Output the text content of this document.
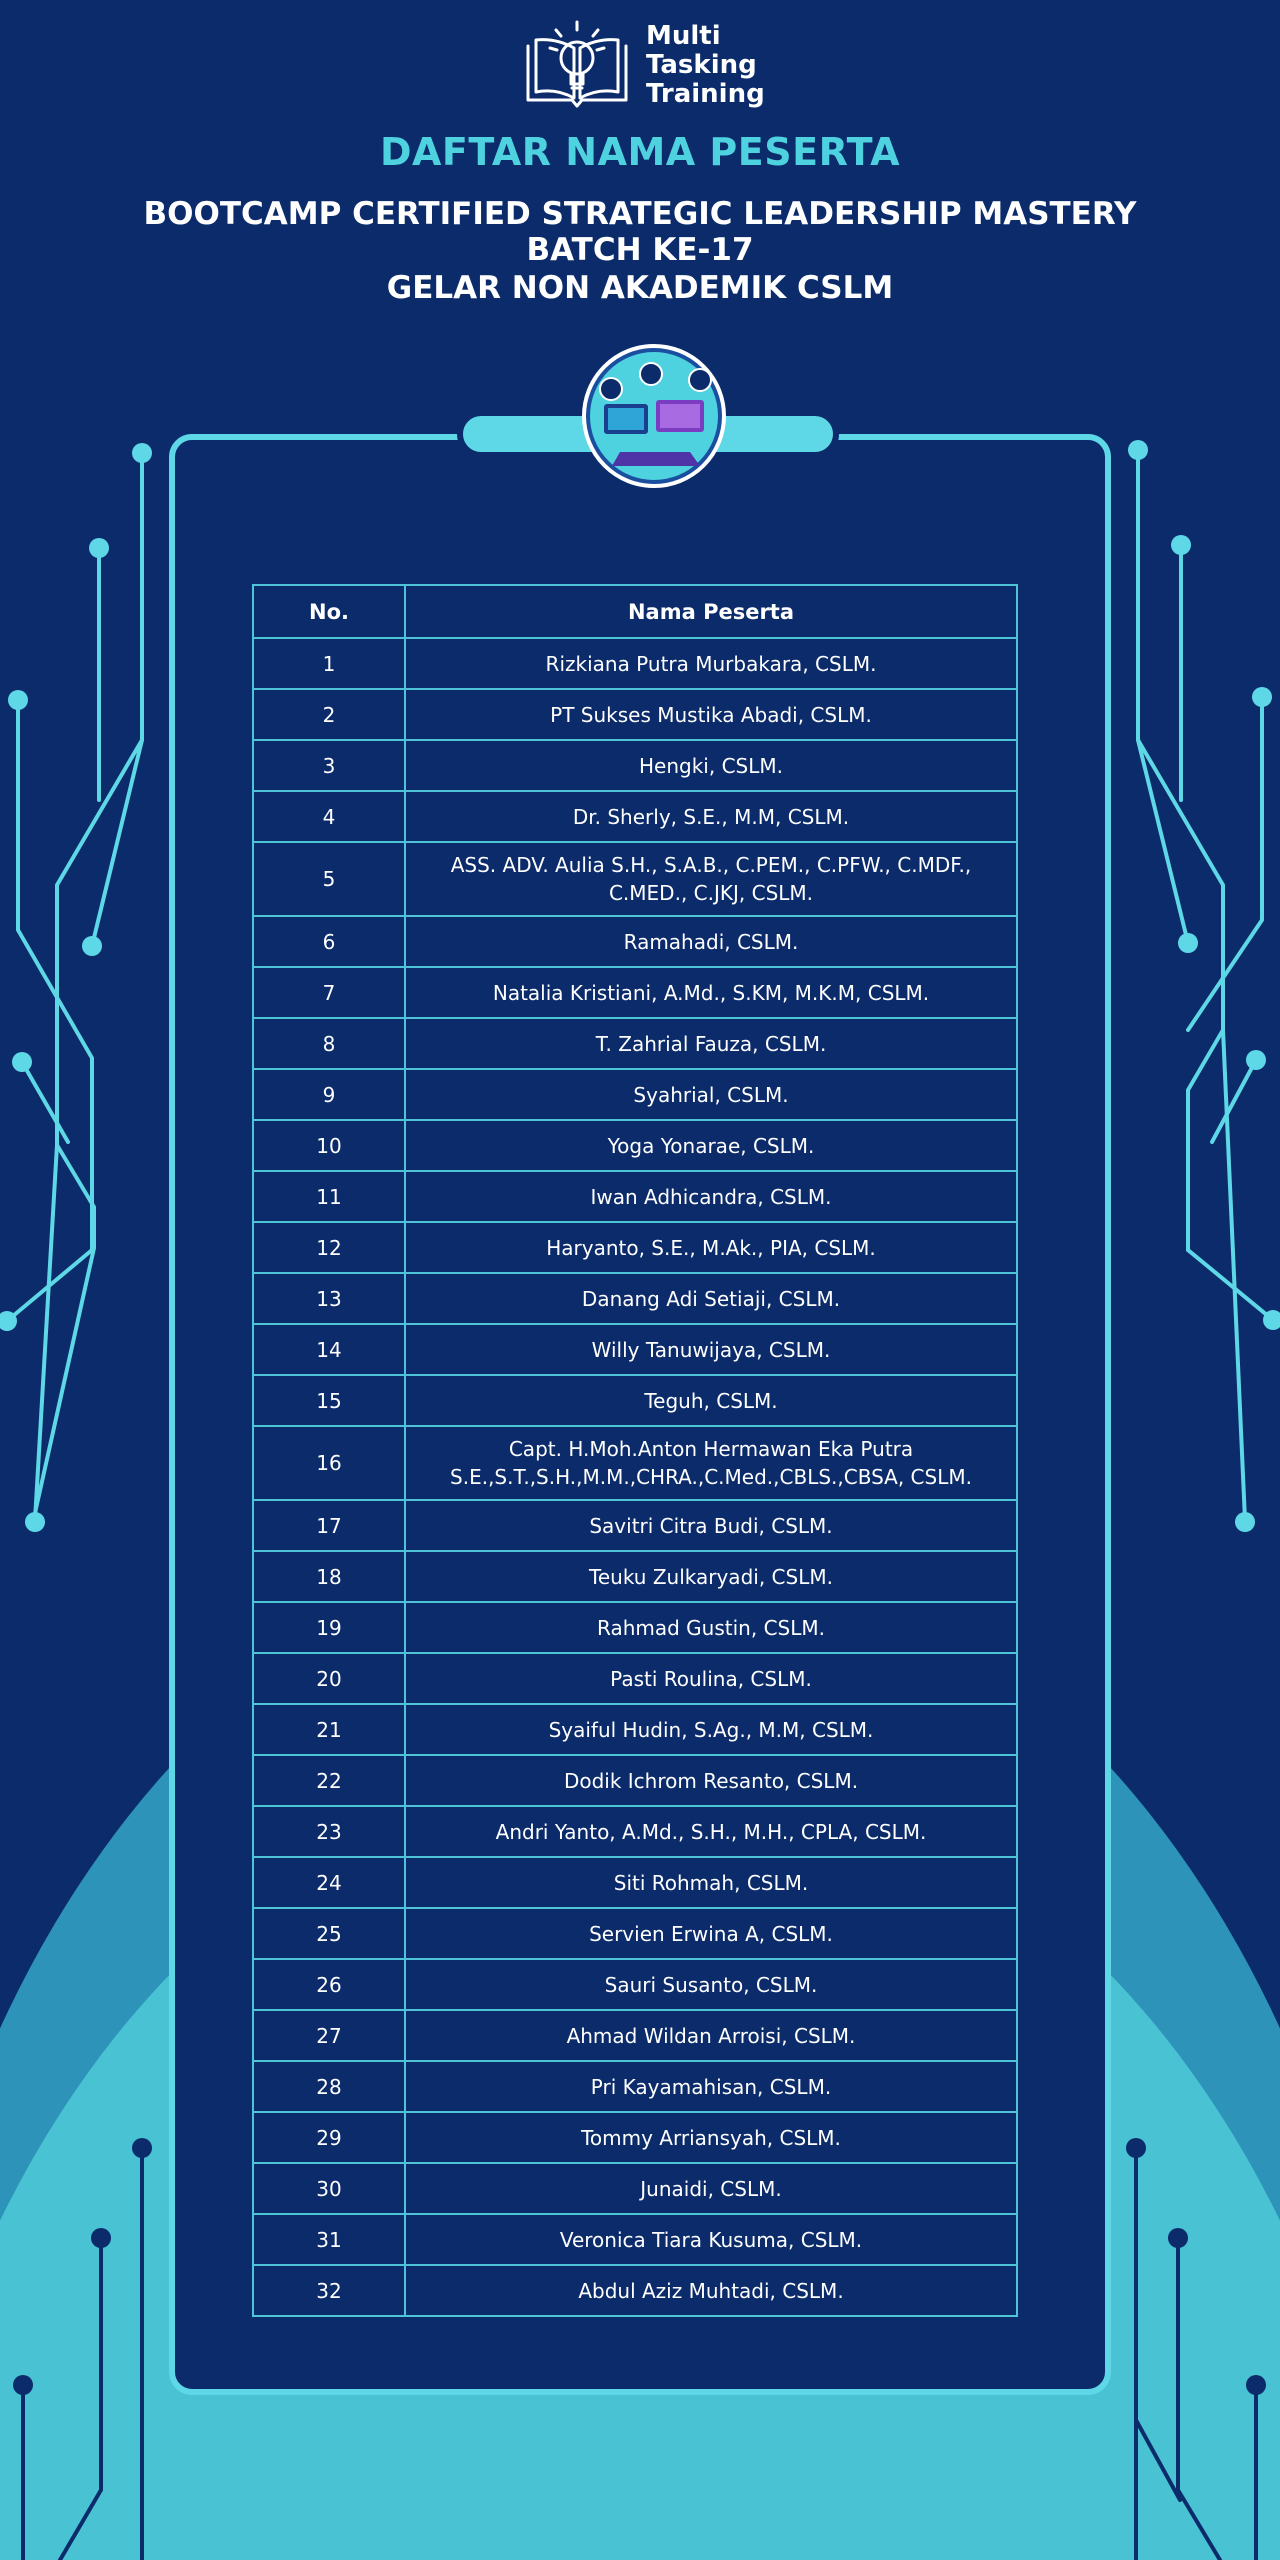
Multi
Tasking
Training
DAFTAR NAMA PESERTA
BOOTCAMP CERTIFIED STRATEGIC LEADERSHIP MASTERY
BATCH KE-17
GELAR NON AKADEMIK CSLM
No.	Nama Peserta
1	Rizkiana Putra Murbakara, CSLM.
2	PT Sukses Mustika Abadi, CSLM.
3	Hengki, CSLM.
4	Dr. Sherly, S.E., M.M, CSLM.
5	ASS. ADV. Aulia S.H., S.A.B., C.PEM., C.PFW., C.MDF., C.MED., C.JKJ, CSLM.
6	Ramahadi, CSLM.
7	Natalia Kristiani, A.Md., S.KM, M.K.M, CSLM.
8	T. Zahrial Fauza, CSLM.
9	Syahrial, CSLM.
10	Yoga Yonarae, CSLM.
11	Iwan Adhicandra, CSLM.
12	Haryanto, S.E., M.Ak., PIA, CSLM.
13	Danang Adi Setiaji, CSLM.
14	Willy Tanuwijaya, CSLM.
15	Teguh, CSLM.
16	Capt. H.Moh.Anton Hermawan Eka Putra S.E.,S.T.,S.H.,M.M.,CHRA.,C.Med.,CBLS.,CBSA, CSLM.
17	Savitri Citra Budi, CSLM.
18	Teuku Zulkaryadi, CSLM.
19	Rahmad Gustin, CSLM.
20	Pasti Roulina, CSLM.
21	Syaiful Hudin, S.Ag., M.M, CSLM.
22	Dodik Ichrom Resanto, CSLM.
23	Andri Yanto, A.Md., S.H., M.H., CPLA, CSLM.
24	Siti Rohmah, CSLM.
25	Servien Erwina A, CSLM.
26	Sauri Susanto, CSLM.
27	Ahmad Wildan Arroisi, CSLM.
28	Pri Kayamahisan, CSLM.
29	Tommy Arriansyah, CSLM.
30	Junaidi, CSLM.
31	Veronica Tiara Kusuma, CSLM.
32	Abdul Aziz Muhtadi, CSLM.
